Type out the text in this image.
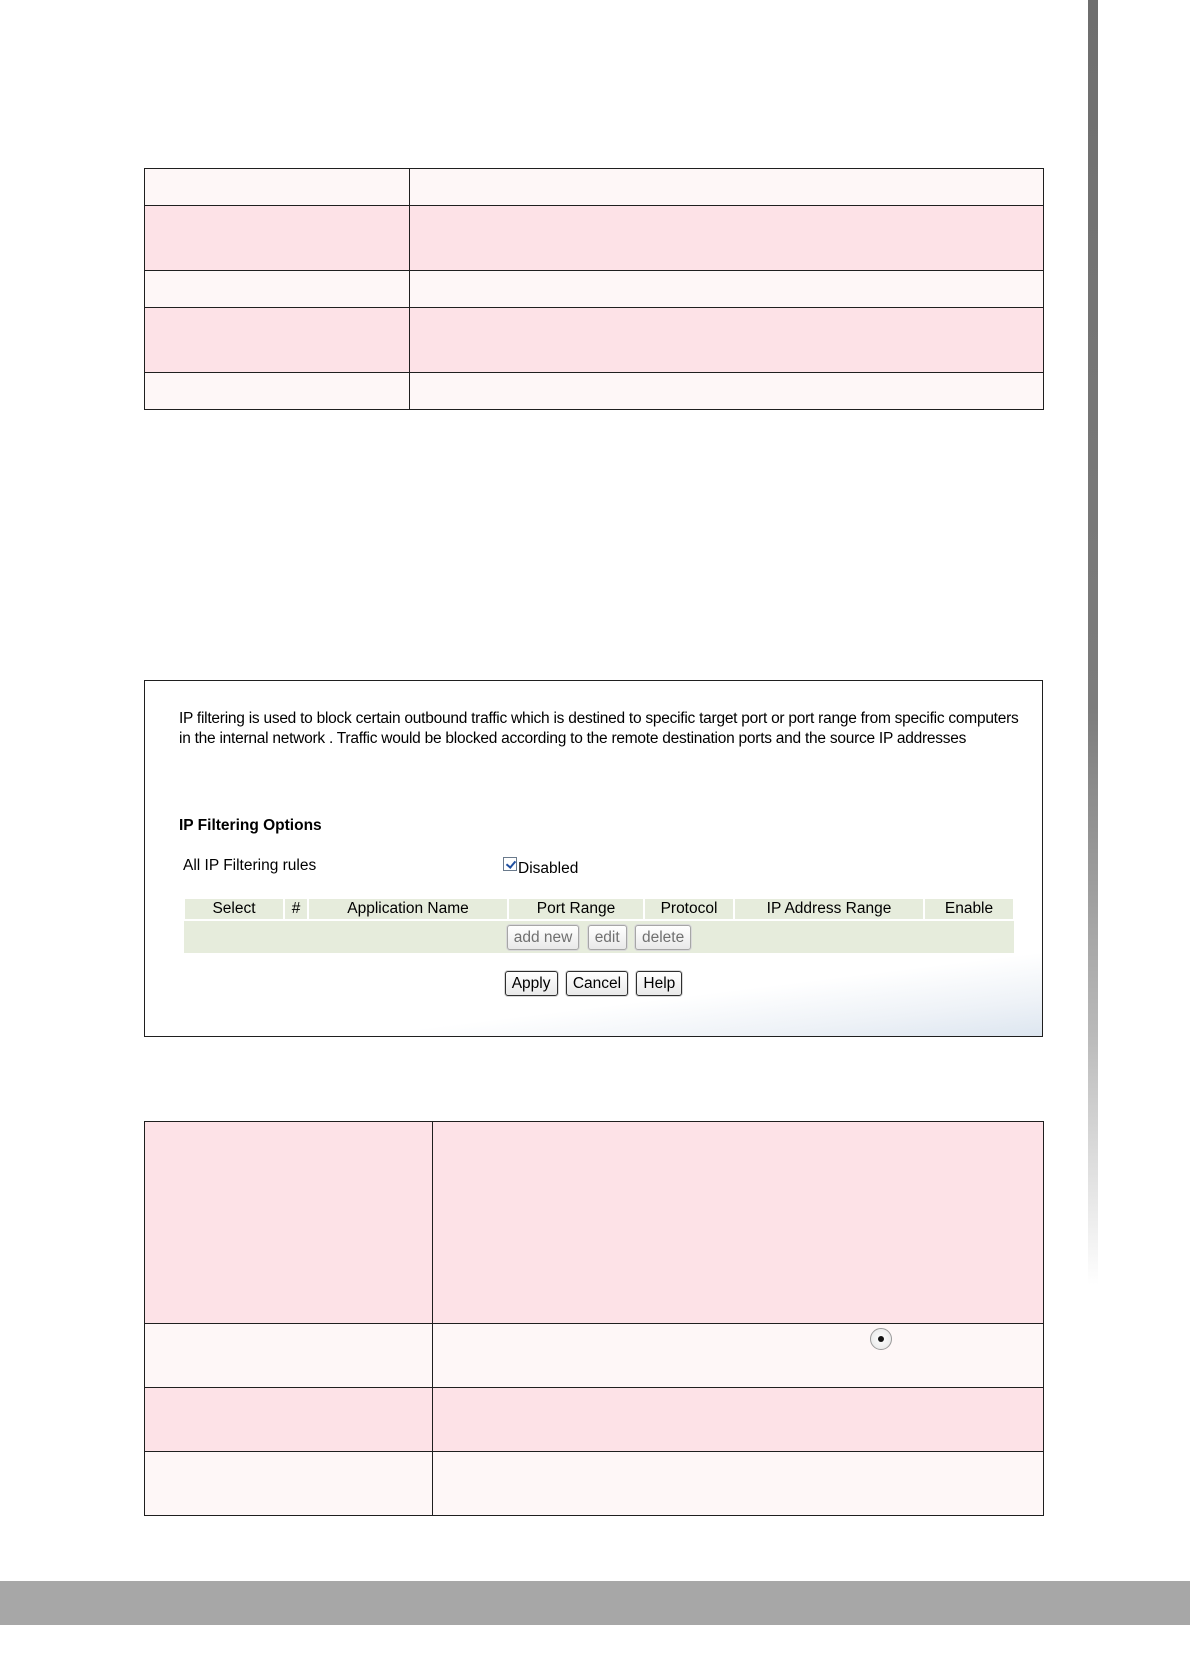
IP filtering is used to block certain outbound traffic which is destined to specific target port or port range from specific computers in the internal network . Traffic would be blocked according to the remote destination ports and the source IP addresses
IP Filtering Options
All IP Filtering rules	Disabled
Select	#	Application Name	Port Range	Protocol	IP Address Range	Enable
add new edit delete
Apply Cancel Help
